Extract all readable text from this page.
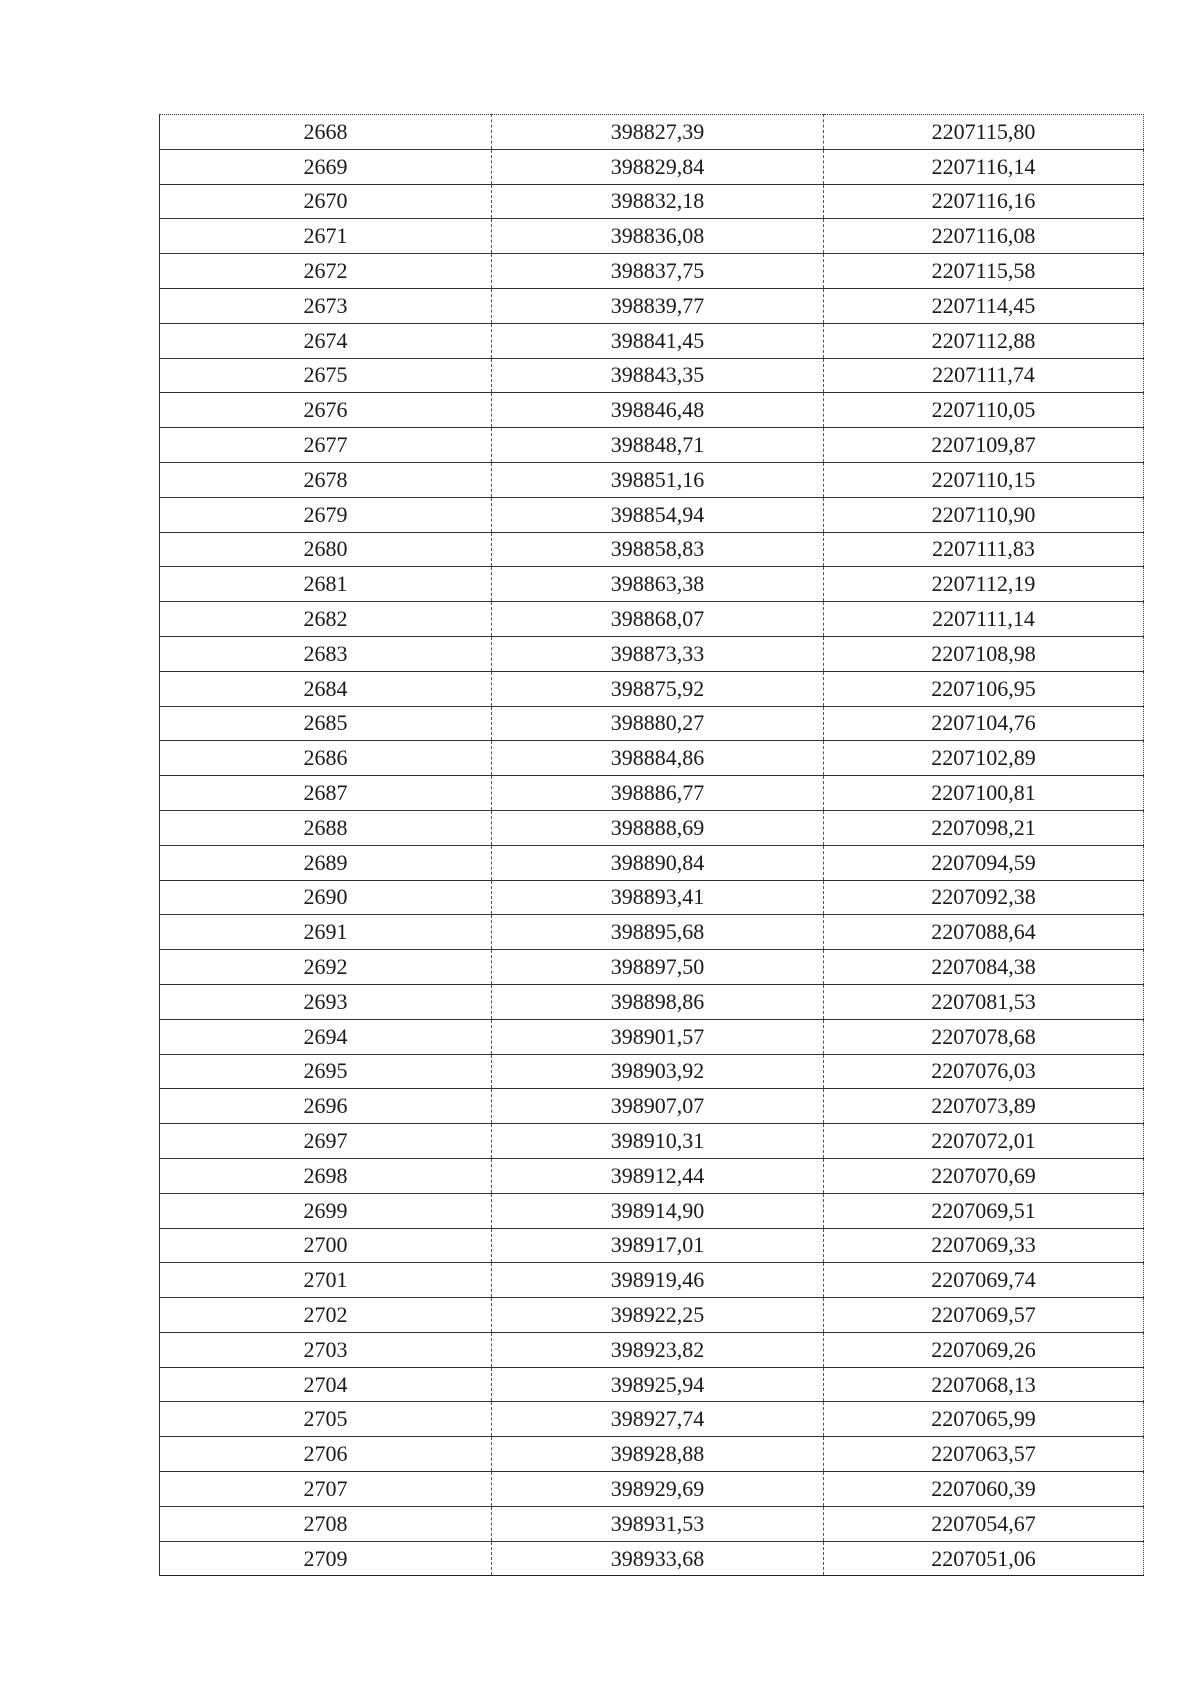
2668	398827,39	2207115,80
2669	398829,84	2207116,14
2670	398832,18	2207116,16
2671	398836,08	2207116,08
2672	398837,75	2207115,58
2673	398839,77	2207114,45
2674	398841,45	2207112,88
2675	398843,35	2207111,74
2676	398846,48	2207110,05
2677	398848,71	2207109,87
2678	398851,16	2207110,15
2679	398854,94	2207110,90
2680	398858,83	2207111,83
2681	398863,38	2207112,19
2682	398868,07	2207111,14
2683	398873,33	2207108,98
2684	398875,92	2207106,95
2685	398880,27	2207104,76
2686	398884,86	2207102,89
2687	398886,77	2207100,81
2688	398888,69	2207098,21
2689	398890,84	2207094,59
2690	398893,41	2207092,38
2691	398895,68	2207088,64
2692	398897,50	2207084,38
2693	398898,86	2207081,53
2694	398901,57	2207078,68
2695	398903,92	2207076,03
2696	398907,07	2207073,89
2697	398910,31	2207072,01
2698	398912,44	2207070,69
2699	398914,90	2207069,51
2700	398917,01	2207069,33
2701	398919,46	2207069,74
2702	398922,25	2207069,57
2703	398923,82	2207069,26
2704	398925,94	2207068,13
2705	398927,74	2207065,99
2706	398928,88	2207063,57
2707	398929,69	2207060,39
2708	398931,53	2207054,67
2709	398933,68	2207051,06
